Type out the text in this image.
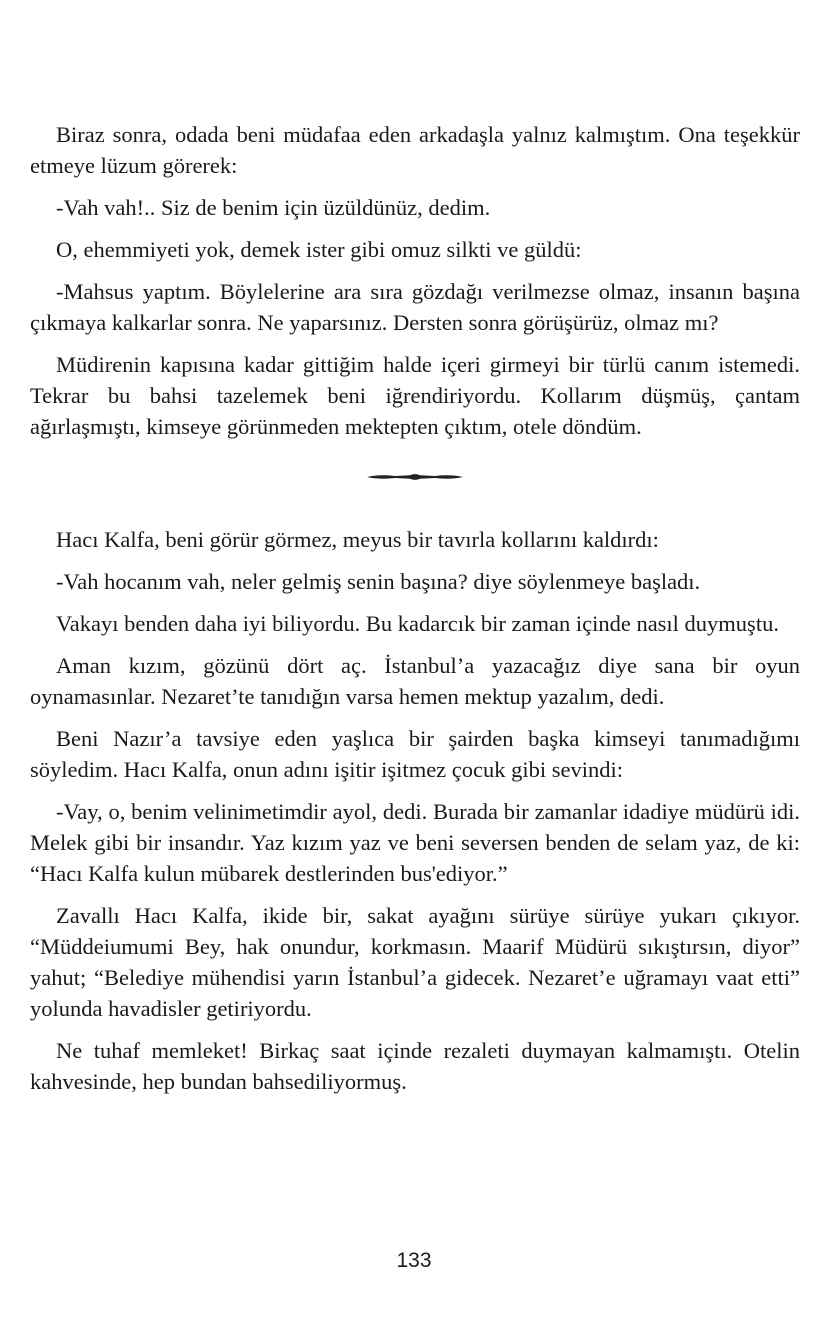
Biraz sonra, odada beni müdafaa eden arkadaşla yalnız kalmıştım. Ona teşekkür etmeye lüzum görerek:

-Vah vah!.. Siz de benim için üzüldünüz, dedim.

O, ehemmiyeti yok, demek ister gibi omuz silkti ve güldü:

-Mahsus yaptım. Böylelerine ara sıra gözdağı verilmezse olmaz, insanın başına çıkmaya kalkarlar sonra. Ne yaparsınız. Dersten sonra görüşürüz, olmaz mı?

Müdirenin kapısına kadar gittiğim halde içeri girmeyi bir türlü canım istemedi. Tekrar bu bahsi tazelemek beni iğrendiriyordu. Kollarım düşmüş, çantam ağırlaşmıştı, kimseye görünmeden mektepten çıktım, otele döndüm.

Hacı Kalfa, beni görür görmez, meyus bir tavırla kollarını kaldırdı:

-Vah hocanım vah, neler gelmiş senin başına? diye söylenmeye başladı.

Vakayı benden daha iyi biliyordu. Bu kadarcık bir zaman içinde nasıl duymuştu.

Aman kızım, gözünü dört aç. İstanbul’a yazacağız diye sana bir oyun oynamasınlar. Nezaret’te tanıdığın varsa hemen mektup yazalım, dedi.

Beni Nazır’a tavsiye eden yaşlıca bir şairden başka kimseyi tanımadığımı söyledim. Hacı Kalfa, onun adını işitir işitmez çocuk gibi sevindi:

-Vay, o, benim velinimetimdir ayol, dedi. Burada bir zamanlar idadiye müdürü idi. Melek gibi bir insandır. Yaz kızım yaz ve beni seversen benden de selam yaz, de ki: “Hacı Kalfa kulun mübarek destlerinden bus'ediyor.”

Zavallı Hacı Kalfa, ikide bir, sakat ayağını sürüye sürüye yukarı çıkıyor. “Müddeiumumi Bey, hak onundur, korkmasın. Maarif Müdürü sıkıştırsın, diyor” yahut; “Belediye mühendisi yarın İstanbul’a gidecek. Nezaret’e uğramayı vaat etti” yolunda havadisler getiriyordu.

Ne tuhaf memleket! Birkaç saat içinde rezaleti duymayan kalmamıştı. Otelin kahvesinde, hep bundan bahsediliyormuş.

133
